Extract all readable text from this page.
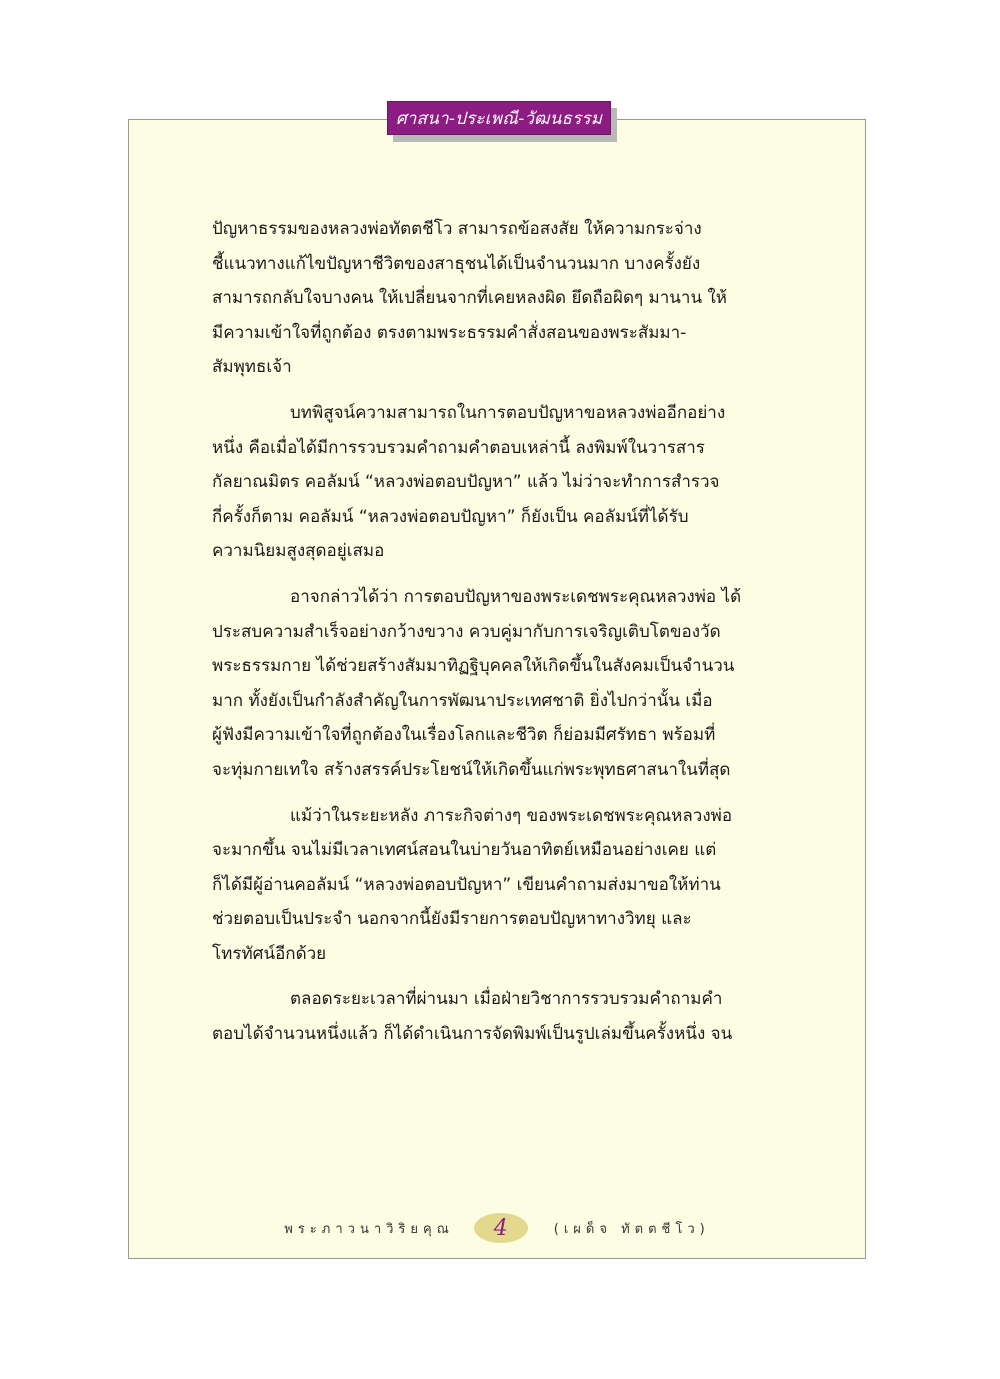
ศาสนา-ประเพณี-วัฒนธรรม

ปัญหาธรรมของหลวงพ่อทัตตชีโว สามารถข้อสงสัย ให้ความกระจ่าง
ชี้แนวทางแก้ไขปัญหาชีวิตของสาธุชนได้เป็นจำนวนมาก บางครั้งยัง
สามารถกลับใจบางคน ให้เปลี่ยนจากที่เคยหลงผิด ยึดถือผิดๆ มานาน ให้
มีความเข้าใจที่ถูกต้อง ตรงตามพระธรรมคำสั่งสอนของพระสัมมา-
สัมพุทธเจ้า

บทพิสูจน์ความสามารถในการตอบปัญหาขอหลวงพ่ออีกอย่าง
หนึ่ง คือเมื่อได้มีการรวบรวมคำถามคำตอบเหล่านี้ ลงพิมพ์ในวารสาร
กัลยาณมิตร คอลัมน์ “หลวงพ่อตอบปัญหา” แล้ว ไม่ว่าจะทำการสำรวจ
กี่ครั้งก็ตาม คอลัมน์ “หลวงพ่อตอบปัญหา” ก็ยังเป็น คอลัมน์ที่ได้รับ
ความนิยมสูงสุดอยู่เสมอ

อาจกล่าวได้ว่า การตอบปัญหาของพระเดชพระคุณหลวงพ่อ ได้
ประสบความสำเร็จอย่างกว้างขวาง ควบคู่มากับการเจริญเติบโตของวัด
พระธรรมกาย ได้ช่วยสร้างสัมมาทิฏฐิบุคคลให้เกิดขึ้นในสังคมเป็นจำนวน
มาก ทั้งยังเป็นกำลังสำคัญในการพัฒนาประเทศชาติ ยิ่งไปกว่านั้น เมื่อ
ผู้ฟังมีความเข้าใจที่ถูกต้องในเรื่องโลกและชีวิต ก็ย่อมมีศรัทธา พร้อมที่
จะทุ่มกายเทใจ สร้างสรรค์ประโยชน์ให้เกิดขึ้นแก่พระพุทธศาสนาในที่สุด

แม้ว่าในระยะหลัง ภาระกิจต่างๆ ของพระเดชพระคุณหลวงพ่อ
จะมากขึ้น จนไม่มีเวลาเทศน์สอนในบ่ายวันอาทิตย์เหมือนอย่างเคย แต่
ก็ได้มีผู้อ่านคอลัมน์ “หลวงพ่อตอบปัญหา” เขียนคำถามส่งมาขอให้ท่าน
ช่วยตอบเป็นประจำ นอกจากนี้ยังมีรายการตอบปัญหาทางวิทยุ และ
โทรทัศน์อีกด้วย

ตลอดระยะเวลาที่ผ่านมา เมื่อฝ่ายวิชาการรวบรวมคำถามคำ
ตอบได้จำนวนหนึ่งแล้ว ก็ได้ดำเนินการจัดพิมพ์เป็นรูปเล่มขึ้นครั้งหนึ่ง จน

พระภาวนาวิริยคุณ 4	(เผด็จ ทัตตชีโว)
